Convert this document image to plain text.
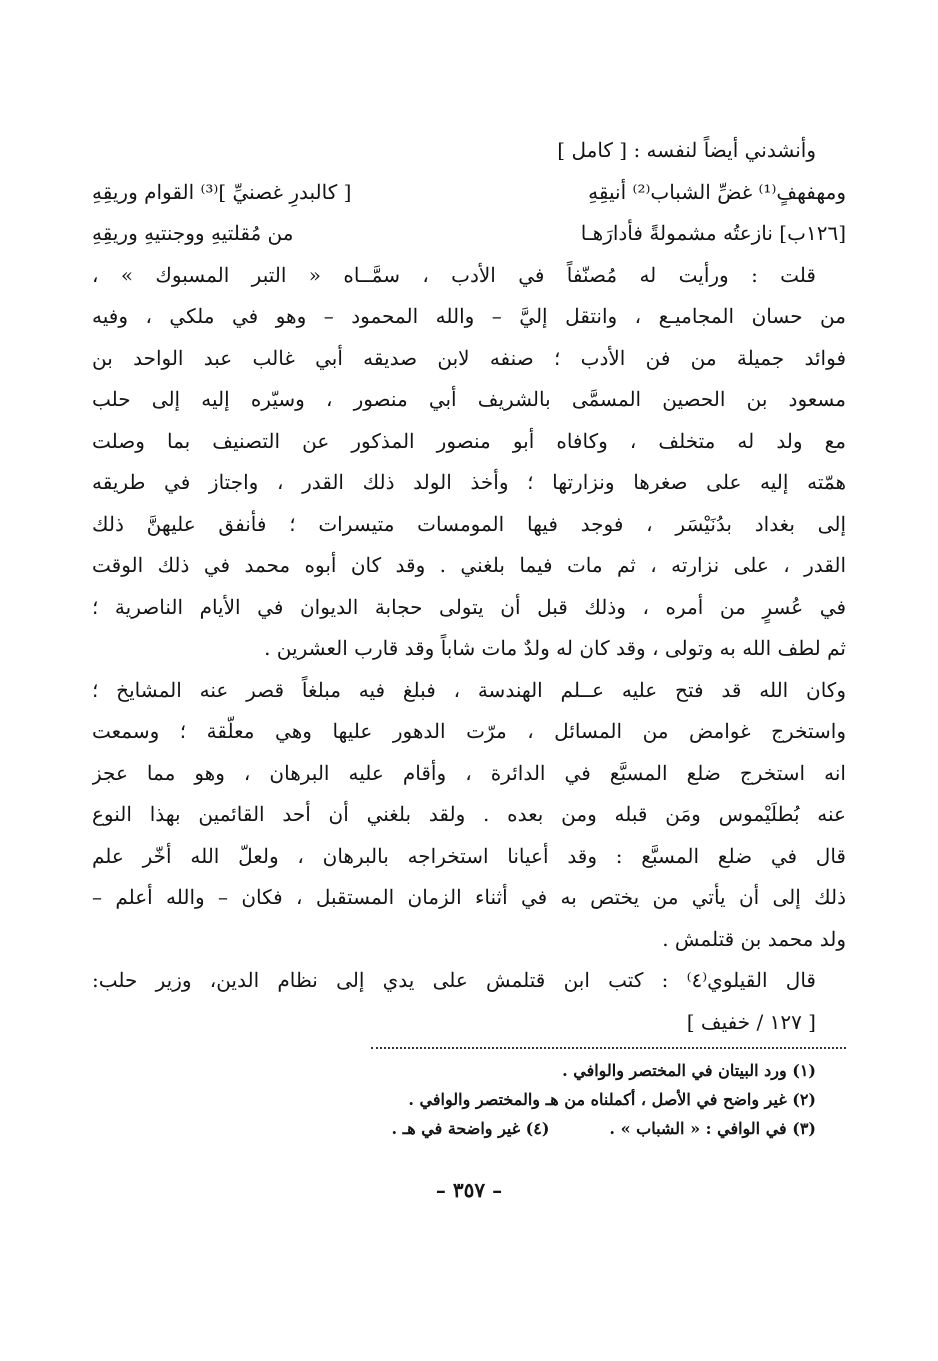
وأنشدني أيضاً لنفسه : [ كامل ]
ومهفهفٍ⁽¹⁾ غضِّ الشباب⁽²⁾ أنيقِهِ
[ كالبدرِ غصنيِّ ]⁽³⁾ القوام وريقِهِ
[١٢٦ب] نازعتُه مشمولةً فأدارَهـا
من مُقلتيهِ ووجنتيهِ وريقِهِ
قلت : ورأيت له مُصنّفاً في الأدب ، سمَّــاه « التبر المسبوك » ،
من حسان المجاميـع ، وانتقل إليَّ – والله المحمود – وهو في ملكي ، وفيه
فوائد جميلة من فن الأدب ؛ صنفه لابن صديقه أبي غالب عبد الواحد بن
مسعود بن الحصين المسمَّى بالشريف أبي منصور ، وسيّره إليه إلى حلب
مع ولد له متخلف ، وكافاه أبو منصور المذكور عن التصنيف بما وصلت
همّته إليه على صغرها ونزارتها ؛ وأخذ الولد ذلك القدر ، واجتاز في طريقه
إلى بغداد بدُنَيْسَر ، فوجد فيها المومسات متيسرات ؛ فأنفق عليهنَّ ذلك
القدر ، على نزارته ، ثم مات فيما بلغني . وقد كان أبوه محمد في ذلك الوقت
في عُسرٍ من أمره ، وذلك قبل أن يتولى حجابة الديوان في الأيام الناصرية ؛
ثم لطف الله به وتولى ، وقد كان له ولدٌ مات شاباً وقد قارب العشرين .
وكان الله قد فتح عليه عــلم الهندسة ، فبلغ فيه مبلغاً قصر عنه المشايخ ؛
واستخرج غوامض من المسائل ، مرّت الدهور عليها وهي معلّقة ؛ وسمعت
انه استخرج ضلع المسبَّع في الدائرة ، وأقام عليه البرهان ، وهو مما عجز
عنه بُطلَيْموس ومَن قبله ومن بعده . ولقد بلغني أن أحد القائمين بهذا النوع
قال في ضلع المسبَّع : وقد أعيانا استخراجه بالبرهان ، ولعلّ الله أخّر علم
ذلك إلى أن يأتي من يختص به في أثناء الزمان المستقبل ، فكان – والله أعلم –
ولد محمد بن قتلمش .
قال القيلوي⁽٤⁾ : كتب ابن قتلمش على يدي إلى نظام الدين، وزير حلب:
[ ١٢٧ / خفيف ]
(١) ورد البيتان في المختصر والوافي .
(٢) غير واضح في الأصل ، أكملناه من هـ والمختصر والوافي .
(٣) في الوافي : « الشباب » .
(٤) غير واضحة في هـ .
– ٣٥٧ –
